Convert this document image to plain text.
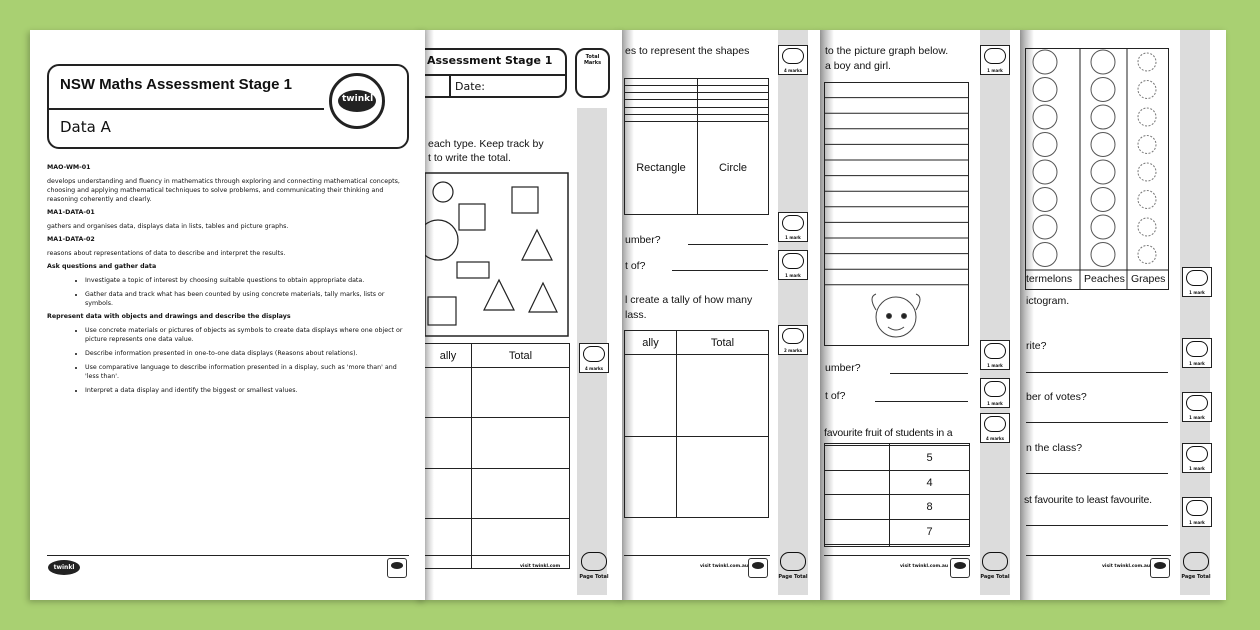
termelons Peaches Grapes
ictogram.
rite?
ber of votes?
n the class?
st favourite to least favourite.
1 mark
1 mark
1 mark
1 mark
1 mark
visit twinkl.com.au
Page Total
to the picture graph below.
a boy and girl.
umber?
t of?
favourite fruit of students in a

	5
	4
	8
	7

1 mark
1 mark
1 mark
4 marks
visit twinkl.com.au
Page Total
es to represent the shapes

Rectangle	Circle
umber?
t of?
l create a tally of how many
lass.
ally	Total

4 marks
1 mark
1 mark
2 marks
visit twinkl.com.au
Page Total
Assessment Stage 1
Date:
Total Marks
each type. Keep track by
t to write the total.
ally	Total

4 marks
visit twinkl.com
Page Total
NSW Maths Assessment Stage 1
Data A
twinkl
MAO-WM-01

develops understanding and fluency in mathematics through exploring and connecting mathematical concepts, choosing and applying mathematical techniques to solve problems, and communicating their thinking and reasoning coherently and clearly.

MA1-DATA-01

gathers and organises data, displays data in lists, tables and picture graphs.

MA1-DATA-02

reasons about representations of data to describe and interpret the results.

Ask questions and gather data
• Investigate a topic of interest by choosing suitable questions to obtain appropriate data.
• Gather data and track what has been counted by using concrete materials, tally marks, lists or symbols.
Represent data with objects and drawings and describe the displays
• Use concrete materials or pictures of objects as symbols to create data displays where one object or picture represents one data value.
• Describe information presented in one-to-one data displays (Reasons about relations).
• Use comparative language to describe information presented in a display, such as 'more than' and 'less than'.
• Interpret a data display and identify the biggest or smallest values.
twinkl
